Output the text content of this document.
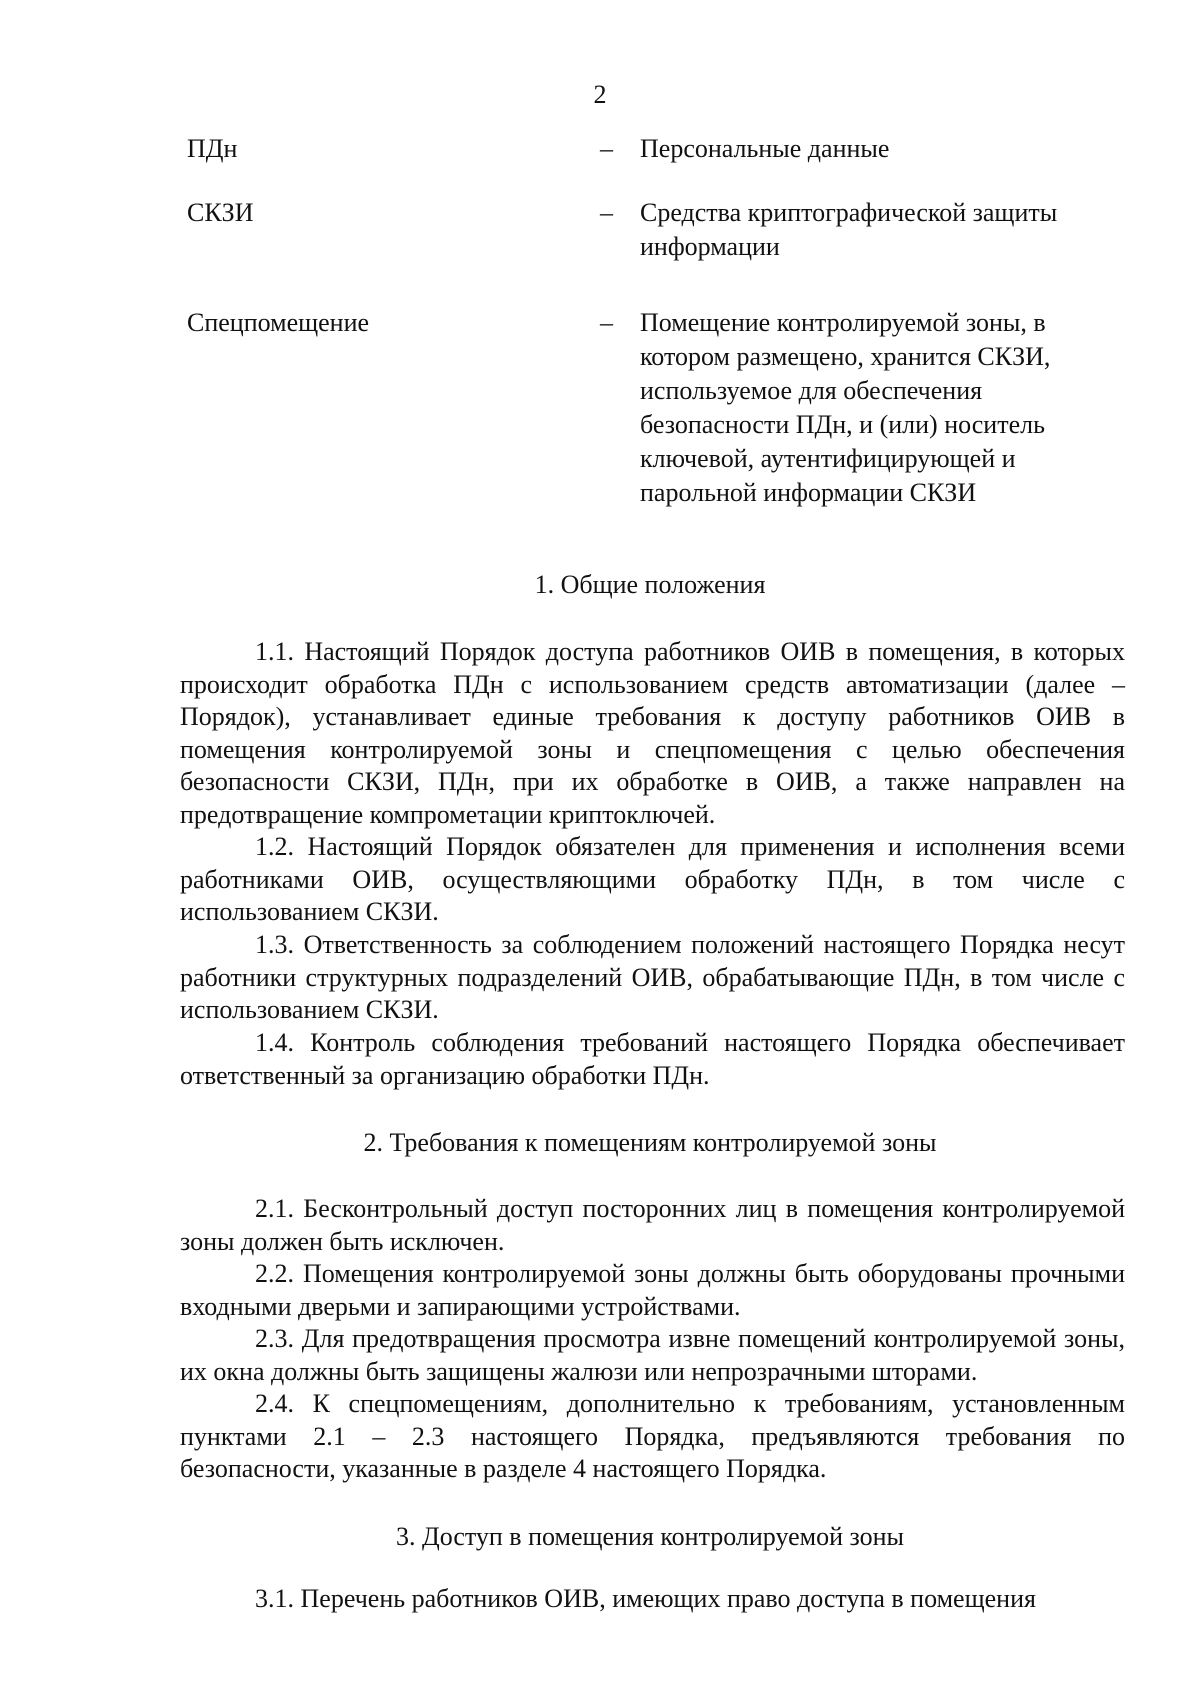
2
ПДн	– Персональные данные
СКЗИ	– Средства криптографической защиты информации
Спецпомещение	– Помещение контролируемой зоны, в котором размещено, хранится СКЗИ, используемое для обеспечения безопасности ПДн, и (или) носитель ключевой, аутентифицирующей и парольной информации СКЗИ
1. Общие положения

1.1. Настоящий Порядок доступа работников ОИВ в помещения, в которых происходит обработка ПДн с использованием средств автоматизации (далее – Порядок), устанавливает единые требования к доступу работников ОИВ в помещения контролируемой зоны и спецпомещения с целью обеспечения безопасности СКЗИ, ПДн, при их обработке в ОИВ, а также направлен на предотвращение компрометации криптоключей.

1.2. Настоящий Порядок обязателен для применения и исполнения всеми работниками ОИВ, осуществляющими обработку ПДн, в том числе с использованием СКЗИ.

1.3. Ответственность за соблюдением положений настоящего Порядка несут работники структурных подразделений ОИВ, обрабатывающие ПДн, в том числе с использованием СКЗИ.

1.4. Контроль соблюдения требований настоящего Порядка обеспечивает ответственный за организацию обработки ПДн.

2. Требования к помещениям контролируемой зоны

2.1. Бесконтрольный доступ посторонних лиц в помещения контролируемой зоны должен быть исключен.

2.2. Помещения контролируемой зоны должны быть оборудованы прочными входными дверьми и запирающими устройствами.

2.3. Для предотвращения просмотра извне помещений контролируемой зоны, их окна должны быть защищены жалюзи или непрозрачными шторами.

2.4. К спецпомещениям, дополнительно к требованиям, установленным пунктами 2.1 – 2.3 настоящего Порядка, предъявляются требования по безопасности, указанные в разделе 4 настоящего Порядка.

3. Доступ в помещения контролируемой зоны

3.1. Перечень работников ОИВ, имеющих право доступа в помещения
